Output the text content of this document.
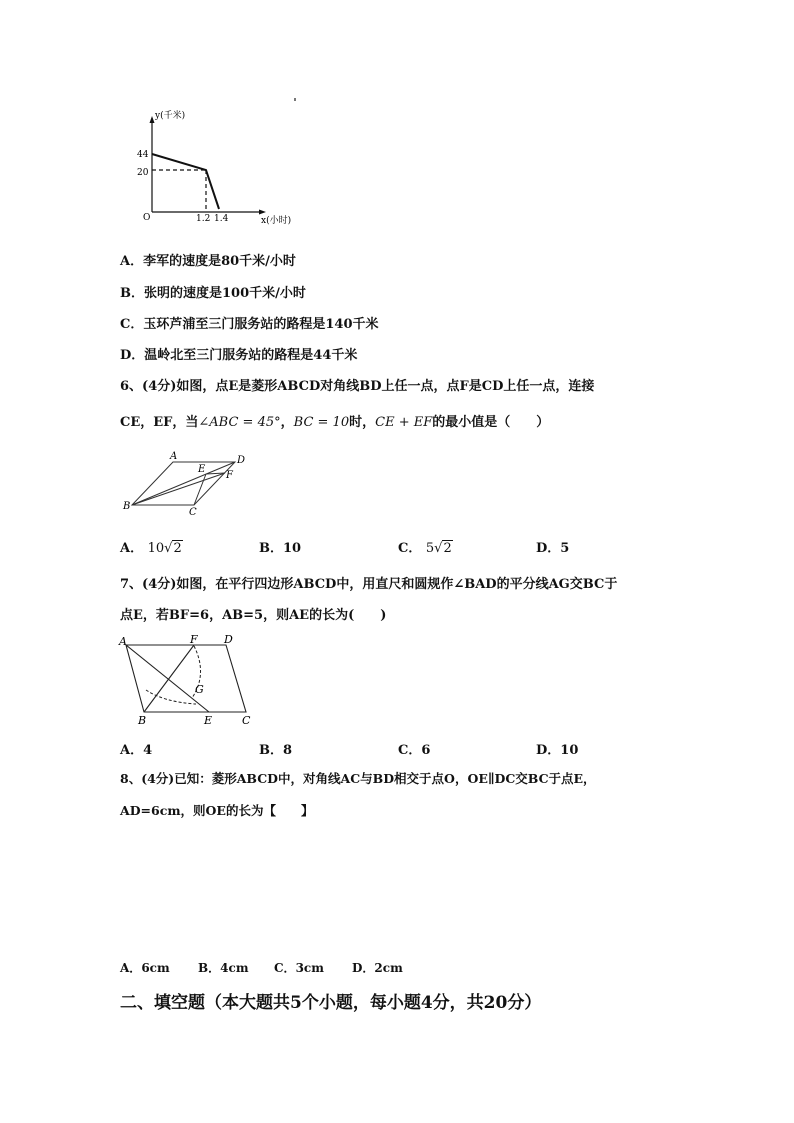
y(千米)
44
20
O	1.2 1.4	x(小时)
A．李军的速度是80千米/小时
B．张明的速度是100千米/小时
C．玉环芦浦至三门服务站的路程是140千米
D．温岭北至三门服务站的路程是44千米
6、(4分)如图，点E是菱形ABCD对角线BD上任一点，点F是CD上任一点，连接
CE，EF，当∠ABC = 45°，BC = 10时，CE + EF的最小值是（　　）
A	D
E
F
B
C
A． 10√2	B．10	C． 5√2	D．5
7、(4分)如图，在平行四边形ABCD中，用直尺和圆规作∠BAD的平分线AG交BC于
点E，若BF=6，AB=5，则AE的长为(　　)
A	F D
G
B	E	C
A．4	B．8	C．6	D．10
8、(4分)已知：菱形ABCD中，对角线AC与BD相交于点O，OE∥DC交BC于点E，
AD=6cm，则OE的长为【　　】
A．6cm B．4cm C．3cm D．2cm
二、填空题（本大题共5个小题，每小题4分，共20分）
